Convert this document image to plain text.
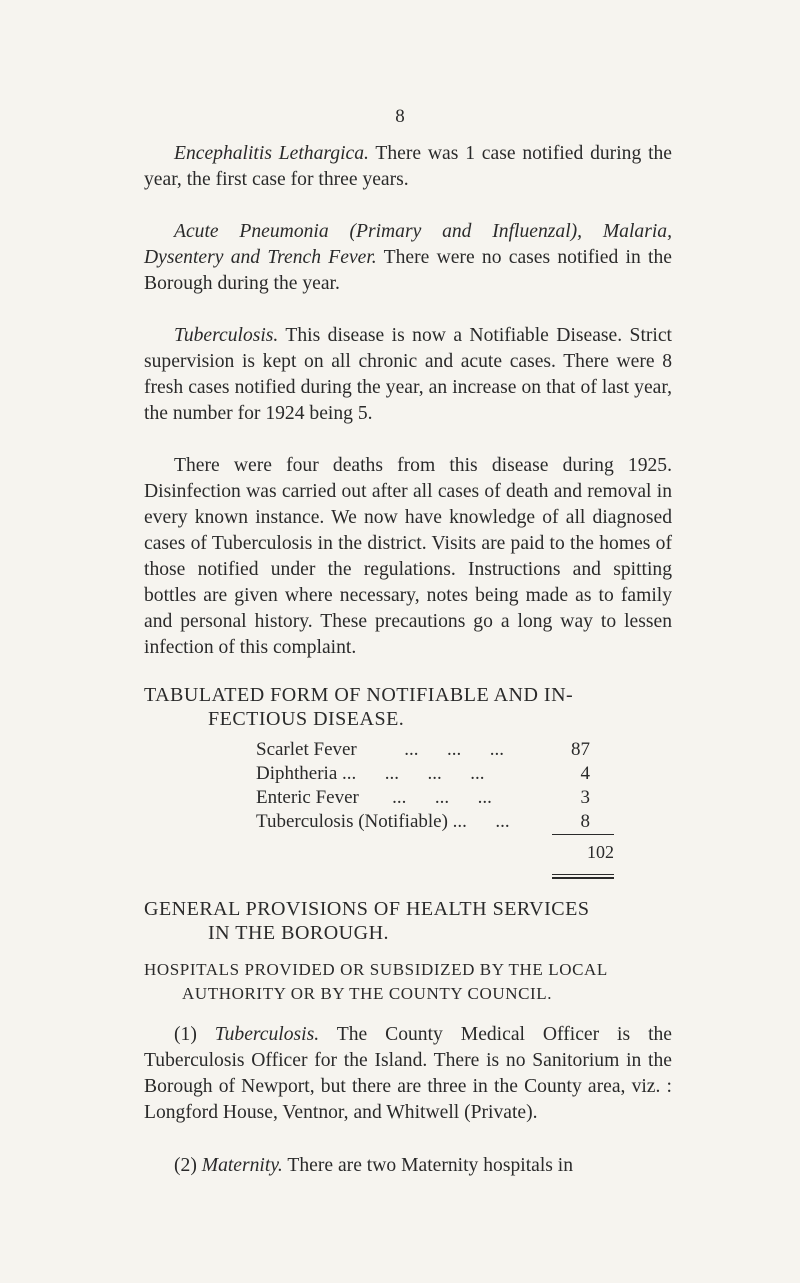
8

Encephalitis Lethargica. There was 1 case notified during the year, the first case for three years.

Acute Pneumonia (Primary and Influenzal), Malaria, Dysentery and Trench Fever. There were no cases notified in the Borough during the year.

Tuberculosis. This disease is now a Notifiable Disease. Strict supervision is kept on all chronic and acute cases. There were 8 fresh cases notified during the year, an increase on that of last year, the number for 1924 being 5.

There were four deaths from this disease during 1925. Disinfection was carried out after all cases of death and removal in every known instance. We now have knowledge of all diagnosed cases of Tuberculosis in the district. Visits are paid to the homes of those notified under the regulations. Instructions and spitting bottles are given where necessary, notes being made as to family and personal history. These precautions go a long way to lessen infection of this complaint.

TABULATED FORM OF NOTIFIABLE AND IN-
FECTIOUS DISEASE.
Scarlet Fever          ...      ...      ...	87
Diphtheria ...      ...      ...      ...	4
Enteric Fever       ...      ...      ...	3
Tuberculosis (Notifiable) ...      ...	8
102
GENERAL PROVISIONS OF HEALTH SERVICES
IN THE BOROUGH.
HOSPITALS PROVIDED OR SUBSIDIZED BY THE LOCAL
AUTHORITY OR BY THE COUNTY COUNCIL.

(1) Tuberculosis. The County Medical Officer is the Tuberculosis Officer for the Island. There is no Sanitorium in the Borough of Newport, but there are three in the County area, viz. : Longford House, Ventnor, and Whitwell (Private).

(2) Maternity. There are two Maternity hospitals in
